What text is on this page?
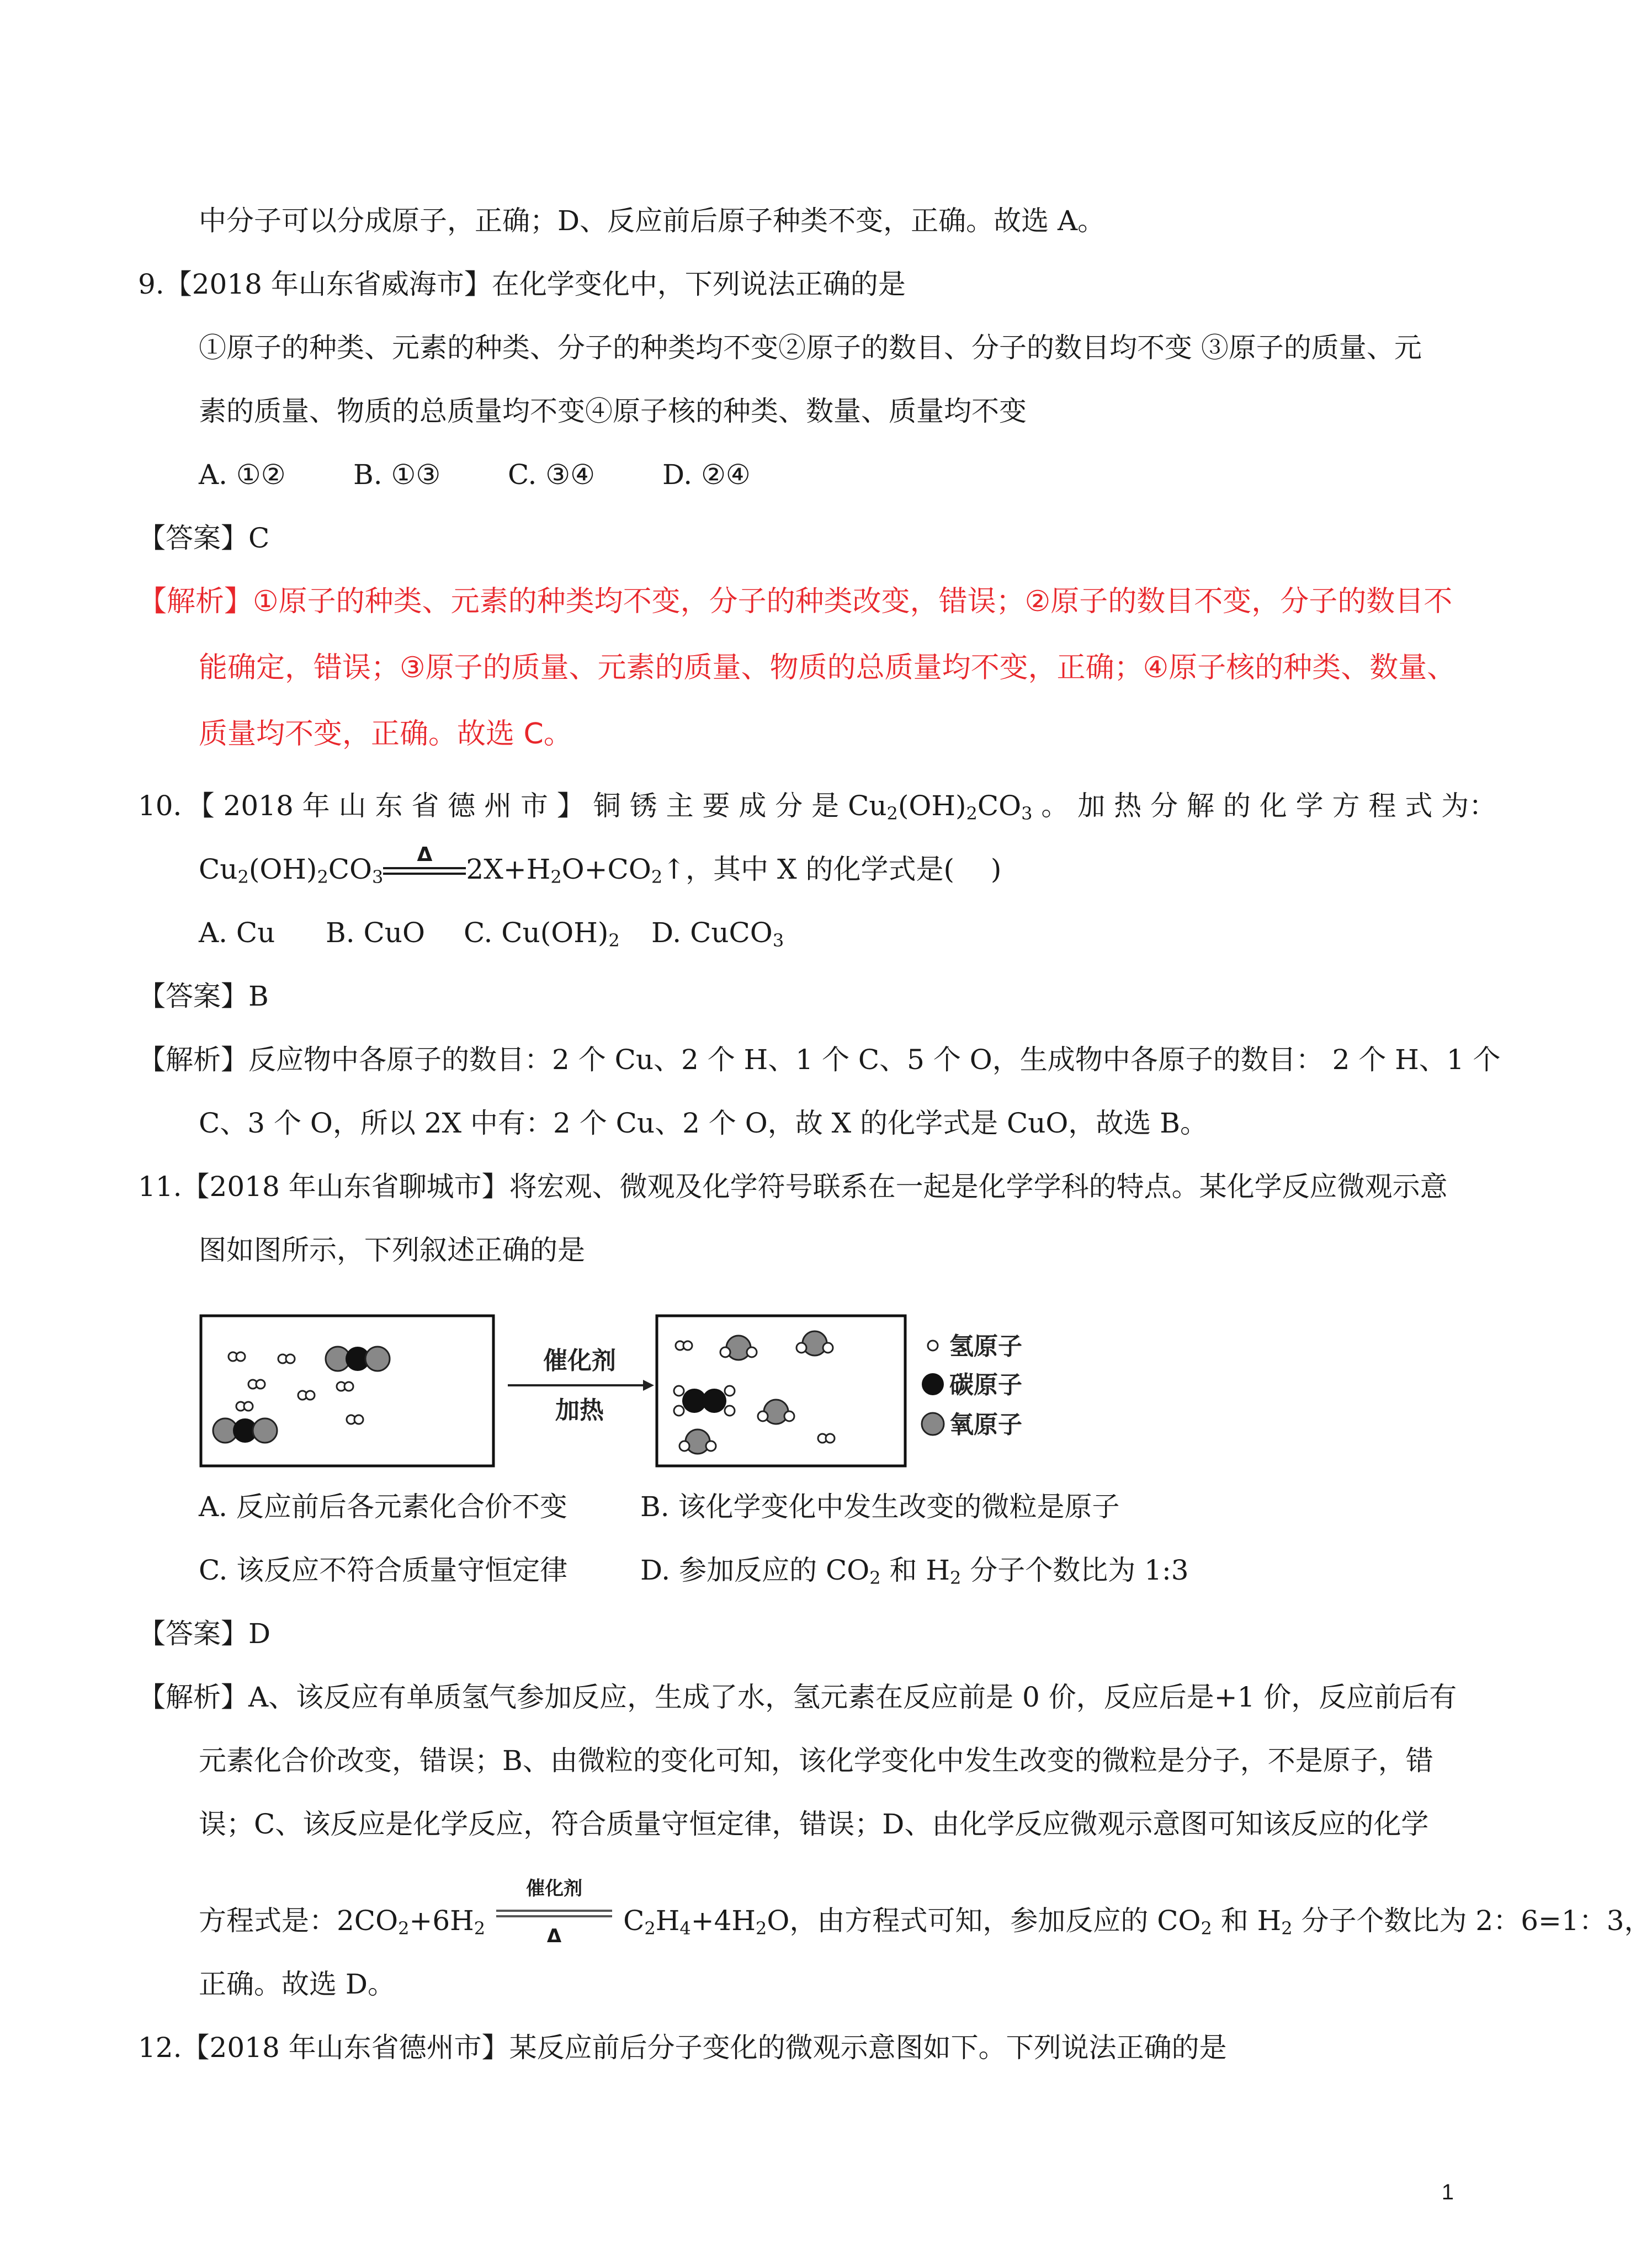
中分子可以分成原子，正确；D、反应前后原子种类不变，正确。故选 A。
9.【2018 年山东省威海市】在化学变化中，下列说法正确的是
①原子的种类、元素的种类、分子的种类均不变②原子的数目、分子的数目均不变 ③原子的质量、元
素的质量、物质的总质量均不变④原子核的种类、数量、质量均不变
A. ①② B. ①③ C. ③④ D. ②④
【答案】C
【解析】①原子的种类、元素的种类均不变，分子的种类改变，错误；②原子的数目不变，分子的数目不
能确定，错误；③原子的质量、元素的质量、物质的总质量均不变，正确；④原子核的种类、数量、
质量均不变，正确。故选 C。
10．【 2018 年 山 东 省 德 州 市 】 铜 锈 主 要 成 分 是 $Cu_2(OH)_2CO_3$ 。 加 热 分 解 的 化 学 方 程 式 为：
$Cu_2(OH)_2CO_3$
Δ	$2X+H_2O+CO_2↑$，其中 X 的化学式是(　 )
A. Cu B. CuO C. $Cu(OH)_2$ D. CuCO$_3$
【答案】B
【解析】反应物中各原子的数目：2 个 Cu、2 个 H、1 个 C、5 个 O，生成物中各原子的数目： 2 个 H、1 个
C、3 个 O，所以 2X 中有：2 个 Cu、2 个 O，故 X 的化学式是 CuO，故选 B。
11.【2018 年山东省聊城市】将宏观、微观及化学符号联系在一起是化学学科的特点。某化学反应微观示意
图如图所示，下列叙述正确的是
催化剂
加热
氢原子
碳原子
氧原子
A. 反应前后各元素化合价不变	B. 该化学变化中发生改变的微粒是原子
C. 该反应不符合质量守恒定律	D. 参加反应的 $CO_2$ 和 $H_2$ 分子个数比为 1:3
【答案】D
【解析】A、该反应有单质氢气参加反应，生成了水，氢元素在反应前是 0 价，反应后是+1 价，反应前后有
元素化合价改变，错误；B、由微粒的变化可知，该化学变化中发生改变的微粒是分子，不是原子，错
误；C、该反应是化学反应，符合质量守恒定律，错误；D、由化学反应微观示意图可知该反应的化学
方程式是：$2CO_2+6H_2$
催化剂
Δ	$C_2H_4+4H_2O$，由方程式可知，参加反应的 $CO_2$ 和 $H_2$ 分子个数比为 2：6=1：3，
正确。故选 D。
12.【2018 年山东省德州市】某反应前后分子变化的微观示意图如下。下列说法正确的是
1
